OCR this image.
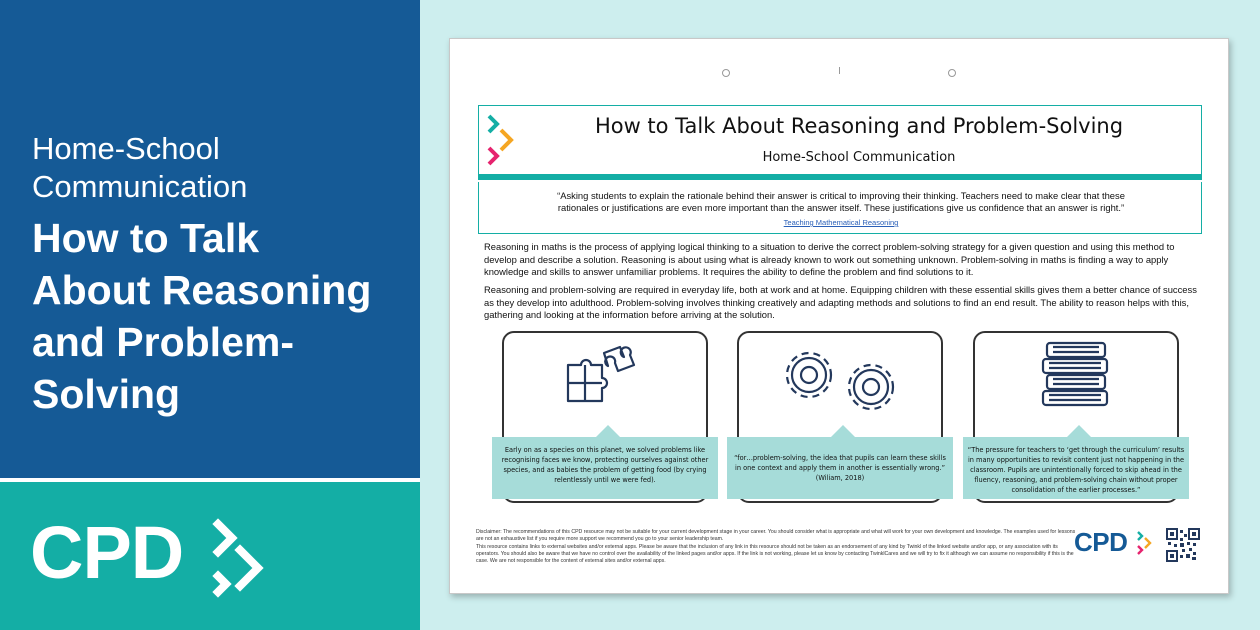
Home-School
Communication
How to Talk
About Reasoning
and Problem-
Solving
CPD
How to Talk About Reasoning and Problem-Solving
Home-School Communication
“Asking students to explain the rationale behind their answer is critical to improving their thinking. Teachers need to make clear that these
rationales or justifications are even more important than the answer itself. These justifications give us confidence that an answer is right.”
Teaching Mathematical Reasoning
Reasoning in maths is the process of applying logical thinking to a situation to derive the correct problem-solving strategy for a given question and using this method to develop and describe a solution. Reasoning is about using what is already known to work out something unknown. Problem-solving in maths is finding a way to apply knowledge and skills to answer unfamiliar problems. It requires the ability to define the problem and find solutions to it.
Reasoning and problem-solving are required in everyday life, both at work and at home. Equipping children with these essential skills gives them a better chance of success as they develop into adulthood. Problem-solving involves thinking creatively and adapting methods and solutions to find an end result. The ability to reason helps with this, gathering and looking at the information before arriving at the solution.
Early on as a species on this planet, we solved problems like recognising faces we know, protecting ourselves against other species, and as babies the problem of getting food (by crying relentlessly until we were fed).
“for…problem-solving, the idea that pupils can learn these skills in one context and apply them in another is essentially wrong.” (Wiliam, 2018)
“The pressure for teachers to ‘get through the curriculum’ results in many opportunities to revisit content just not happening in the classroom. Pupils are unintentionally forced to skip ahead in the fluency, reasoning, and problem-solving chain without proper consolidation of the earlier processes.”
Disclaimer: The recommendations of this CPD resource may not be suitable for your current development stage in your career. You should consider what is appropriate and what will work for your own development and knowledge. The examples used for lessons are not an exhaustive list if you require more support we recommend you go to your senior leadership team.
This resource contains links to external websites and/or external apps. Please be aware that the inclusion of any link in this resource should not be taken as an endorsement of any kind by Twinkl of the linked website and/or app, or any association with its operators. You should also be aware that we have no control over the availability of the linked pages and/or apps. If the link is not working, please let us know by contacting TwinklCares and we will try to fix it although we can assume no responsibility if this is the case. We are not responsible for the content of external sites and/or external apps.
CPD
